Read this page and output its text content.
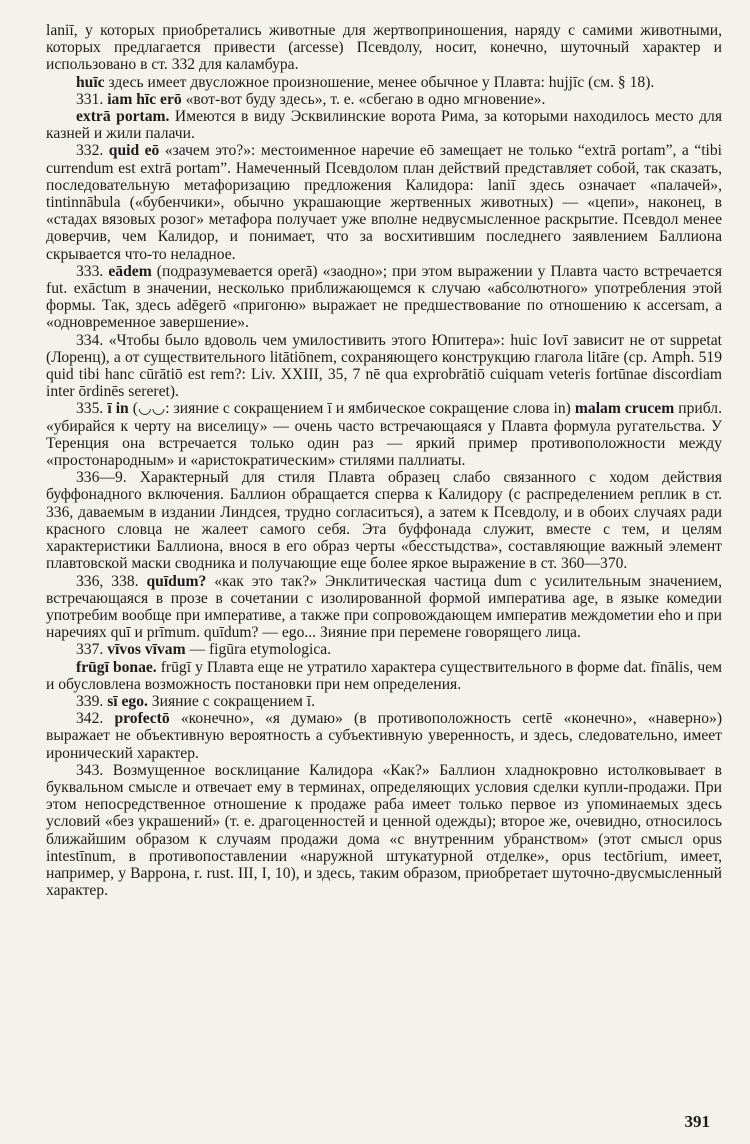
laniī, у которых приобретались животные для жертвоприношения, наряду с самими животными, которых предлагается привести (arcesse) Псевдолу, носит, конечно, шуточный характер и использовано в ст. 332 для каламбура.

huīc здесь имеет двусложное произношение, менее обычное у Плавта: hujjīc (см. § 18).

331. iam hīc erō «вот-вот буду здесь», т. е. «сбегаю в одно мгновение».

extrā portam. Имеются в виду Эсквилинские ворота Рима, за которыми находилось место для казней и жили палачи.

332. quid eō «зачем это?»: местоименное наречие eō замещает не только “extrā portam”, а “tibi currendum est extrā portam”. Намеченный Псевдолом план действий представляет собой, так сказать, последовательную метафоризацию предложения Калидора: laniī здесь означает «палачей», tintinnābula («бубенчики», обычно украшающие жертвенных животных) — «цепи», наконец, в «стадах вязовых розог» метафора получает уже вполне недвусмысленное раскрытие. Псевдол менее доверчив, чем Калидор, и понимает, что за восхитившим последнего заявлением Баллиона скрывается что-то неладное.

333. eādem (подразумевается operā) «заодно»; при этом выражении у Плавта часто встречается fut. exāctum в значении, несколько приближающемся к случаю «абсолютного» употребления этой формы. Так, здесь adēgerō «пригоню» выражает не предшествование по отношению к accersam, а «одновременное завершение».

334. «Чтобы было вдоволь чем умилостивить этого Юпитера»: huic Iovī зависит не от suppetat (Лоренц), а от существительного litātiōnem, сохраняющего конструкцию глагола litāre (ср. Amph. 519 quid tibi hanc cūrātiō est rem?: Liv. XXIII, 35, 7 nē qua exprobrātiō cuiquam veteris fortūnae discordiam inter ōrdinēs sereret).

335. ī in (◡◡: зияние с сокращением ī и ямбическое сокращение слова in) malam crucem прибл. «убирайся к черту на виселицу» — очень часто встречающаяся у Плавта формула ругательства. У Теренция она встречается только один раз — яркий пример противоположности между «простонародным» и «аристократическим» стилями паллиаты.

336—9. Характерный для стиля Плавта образец слабо связанного с ходом действия буффонадного включения. Баллион обращается сперва к Калидору (с распределением реплик в ст. 336, даваемым в издании Линдсея, трудно согласиться), а затем к Псевдолу, и в обоих случаях ради красного словца не жалеет самого себя. Эта буффонада служит, вместе с тем, и целям характеристики Баллиона, внося в его образ черты «бесстыдства», составляющие важный элемент плавтовской маски сводника и получающие еще более яркое выражение в ст. 360—370.

336, 338. quīdum? «как это так?» Энклитическая частица dum с усилительным значением, встречающаяся в прозе в сочетании с изолированной формой императива age, в языке комедии употребим вообще при императиве, а также при сопровождающем императив междометии eho и при наречиях quī и prīmum. quīdum? — ego... Зияние при перемене говорящего лица.

337. vīvos vīvam — figūra etymologica.

frūgī bonae. frūgī у Плавта еще не утратило характера существительного в форме dat. fīnālis, чем и обусловлена возможность постановки при нем определения.

339. sī ego. Зияние с сокращением ī.

342. profectō «конечно», «я думаю» (в противоположность certē «конечно», «наверно») выражает не объективную вероятность а субъективную уверенность, и здесь, следовательно, имеет иронический характер.

343. Возмущенное восклицание Калидора «Как?» Баллион хладнокровно истолковывает в буквальном смысле и отвечает ему в терминах, определяющих условия сделки купли-продажи. При этом непосредственное отношение к продаже раба имеет только первое из упоминаемых здесь условий «без украшений» (т. е. драгоценностей и ценной одежды); второе же, очевидно, относилось ближайшим образом к случаям продажи дома «с внутренним убранством» (этот смысл opus intestīnum, в противопоставлении «наружной штукатурной отделке», opus tectōrium, имеет, например, у Варрона, r. rust. III, I, 10), и здесь, таким образом, приобретает шуточно-двусмысленный характер.

391
